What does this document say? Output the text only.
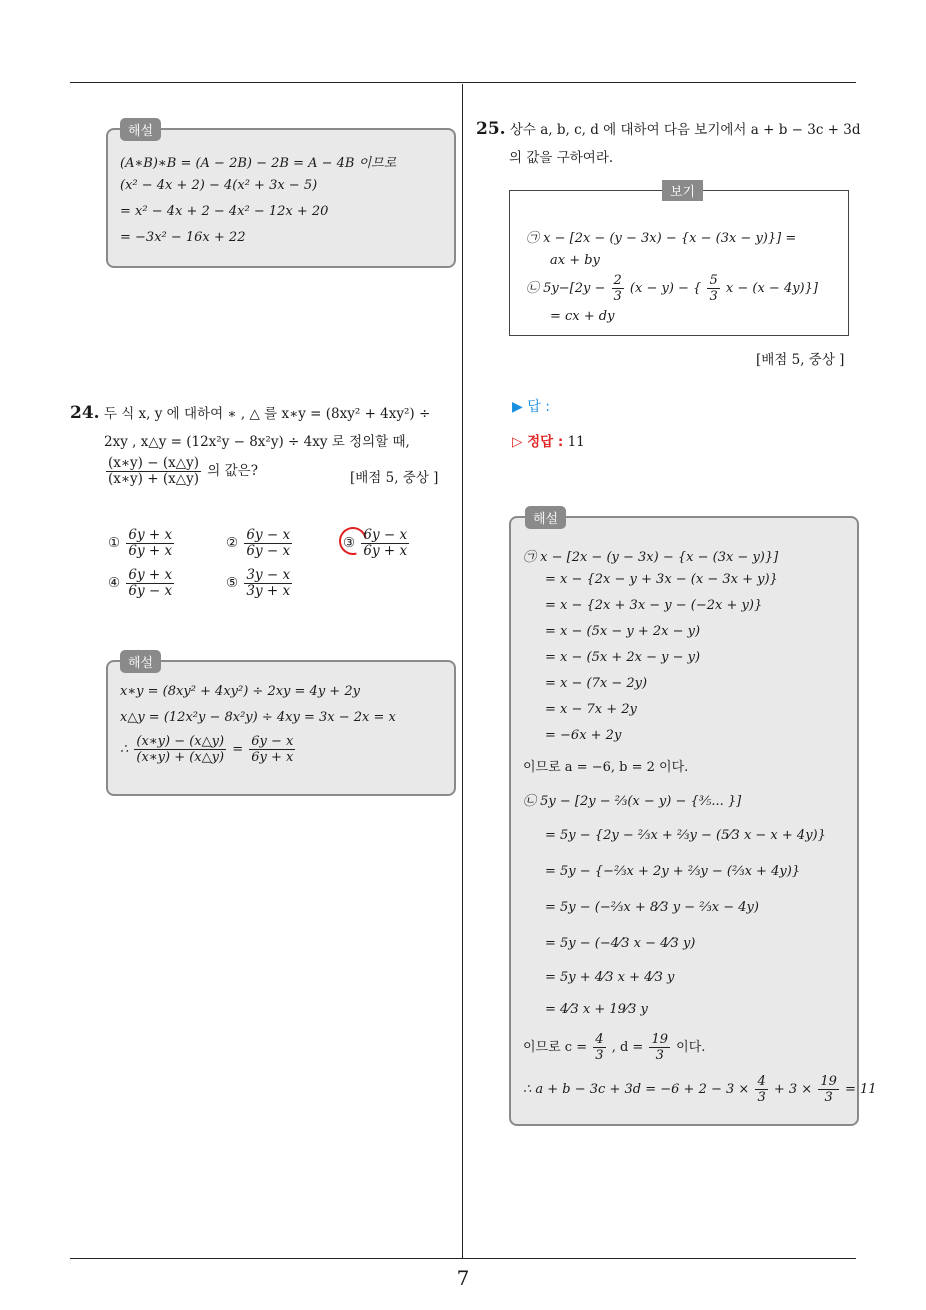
7
해설
(A∗B)∗B = (A − 2B) − 2B = A − 4B 이므로
(x² − 4x + 2) − 4(x² + 3x − 5)
= x² − 4x + 2 − 4x² − 12x + 20
= −3x² − 16x + 22
24. 두 식 x, y 에 대하여 ∗ , △ 를 x∗y = (8xy² + 4xy²) ÷
2xy , x△y = (12x²y − 8x²y) ÷ 4xy 로 정의할 때,
$\frac{(x∗y) - (x\triangle y)}{(x∗y) + (x\triangle y)}$ 의 값은?	[배점 5, 중상 ]
① $\frac{6y + x}{6y + x}$	② $\frac{6y - x}{6y - x}$	③ $\frac{6y - x}{6y + x}$
④ $\frac{6y + x}{6y - x}$	⑤ $\frac{3y - x}{3y + x}$
해설
x∗y = (8xy² + 4xy²) ÷ 2xy = 4y + 2y
x△y = (12x²y − 8x²y) ÷ 4xy = 3x − 2x = x
∴ $\frac{(x∗y) - (x\triangle y)}{(x∗y) + (x\triangle y)} = \frac{6y - x}{6y + x}$
25. 상수 a, b, c, d 에 대하여 다음 보기에서 a + b − 3c + 3d
의 값을 구하여라.
보기
㉠ x − [2x − (y − 3x) − {x − (3x − y)}] =
ax + by
㉡ $5y-[2y - \frac{2}{3} (x - y)$ − { $\frac{5}{3}$ x − (x − 4y)}]
= cx + dy
[배점 5, 중상 ]
▶ 답 :
▷ 정답 : 11
해설
㉠ x − [2x − (y − 3x) − {x − (3x − y)}]
= x − {2x − y + 3x − (x − 3x + y)}
= x − {2x + 3x − y − (−2x + y)}
= x − (5x − y + 2x − y)
= x − (5x + 2x − y − y)
= x − (7x − 2y)
= x − 7x + 2y
= −6x + 2y
이므로 a = −6, b = 2 이다.
㉡ 5y − [2y − ⅔(x − y) − {⅗... }]
= 5y − {2y − ⅔x + ⅔y − (5⁄3 x − x + 4y)}
= 5y − {−⅔x + 2y + ⅔y − (⅔x + 4y)}
= 5y − (−⅔x + 8⁄3 y − ⅔x − 4y)
= 5y − (−4⁄3 x − 4⁄3 y)
= 5y + 4⁄3 x + 4⁄3 y
= 4⁄3 x + 19⁄3 y
이므로 $c = \frac{4}{3}$ , $d = \frac{19}{3}$ 이다.
∴ $a + b - 3c + 3d = -6 + 2 - 3 \times \frac{4}{3} + 3 \times \frac{19}{3} = 11$
